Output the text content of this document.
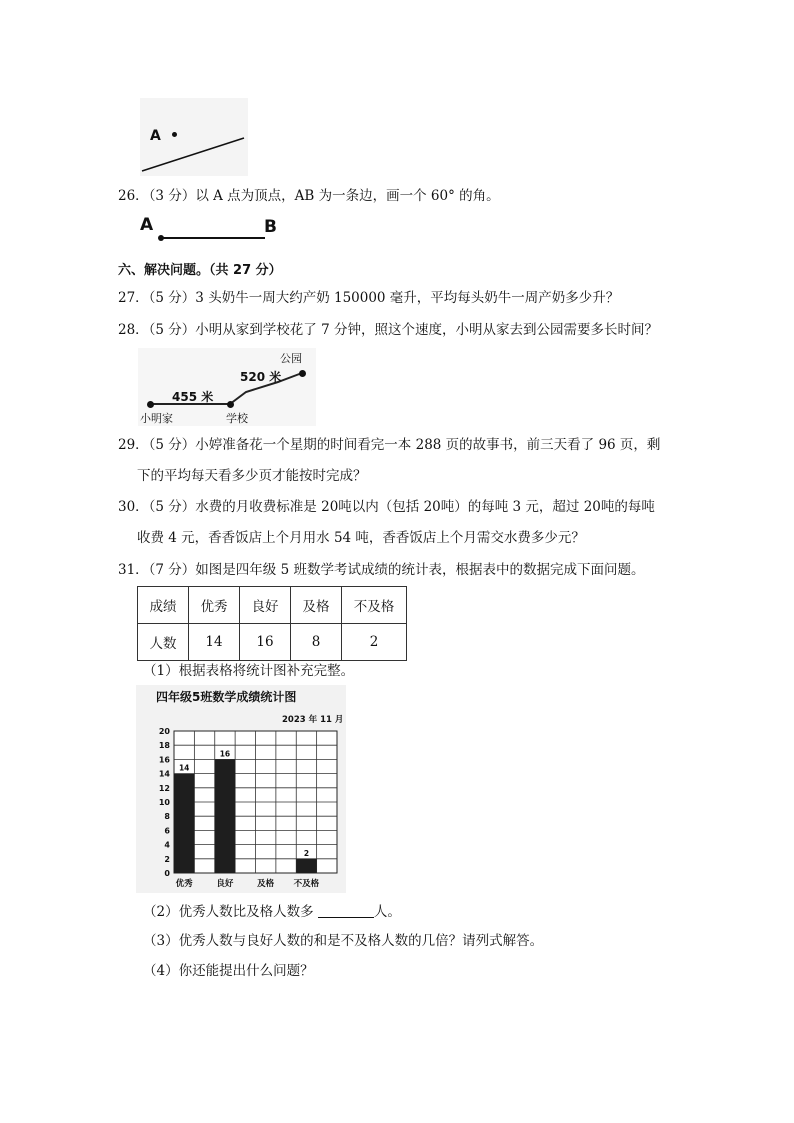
A
26．（3 分）以 A 点为顶点，AB 为一条边，画一个 60° 的角。
A	B
六、解决问题。（共 27 分）
27．（5 分）3 头奶牛一周大约产奶 150000 毫升，平均每头奶牛一周产奶多少升？
28．（5 分）小明从家到学校花了 7 分钟，照这个速度，小明从家去到公园需要多长时间？
小明家	学校
公园
455 米
520 米
29．（5 分）小婷准备花一个星期的时间看完一本 288 页的故事书，前三天看了 96 页，剩
下的平均每天看多少页才能按时完成？
30．（5 分）水费的月收费标准是 20吨以内（包括 20吨）的每吨 3 元，超过 20吨的每吨
收费 4 元，香香饭店上个月用水 54 吨，香香饭店上个月需交水费多少元？
31．（7 分）如图是四年级 5 班数学考试成绩的统计表，根据表中的数据完成下面问题。
成绩	优秀	良好	及格	不及格
人数	14	16	8	2
（1）根据表格将统计图补充完整。
四年级5班数学成绩统计图
2023 年 11 月
0
2
4
6
8
10
12
14
16
18
20
优秀
14
良好
16
及格 不及格
2
（2）优秀人数比及格人数多	人。
（3）优秀人数与良好人数的和是不及格人数的几倍？请列式解答。
（4）你还能提出什么问题？
